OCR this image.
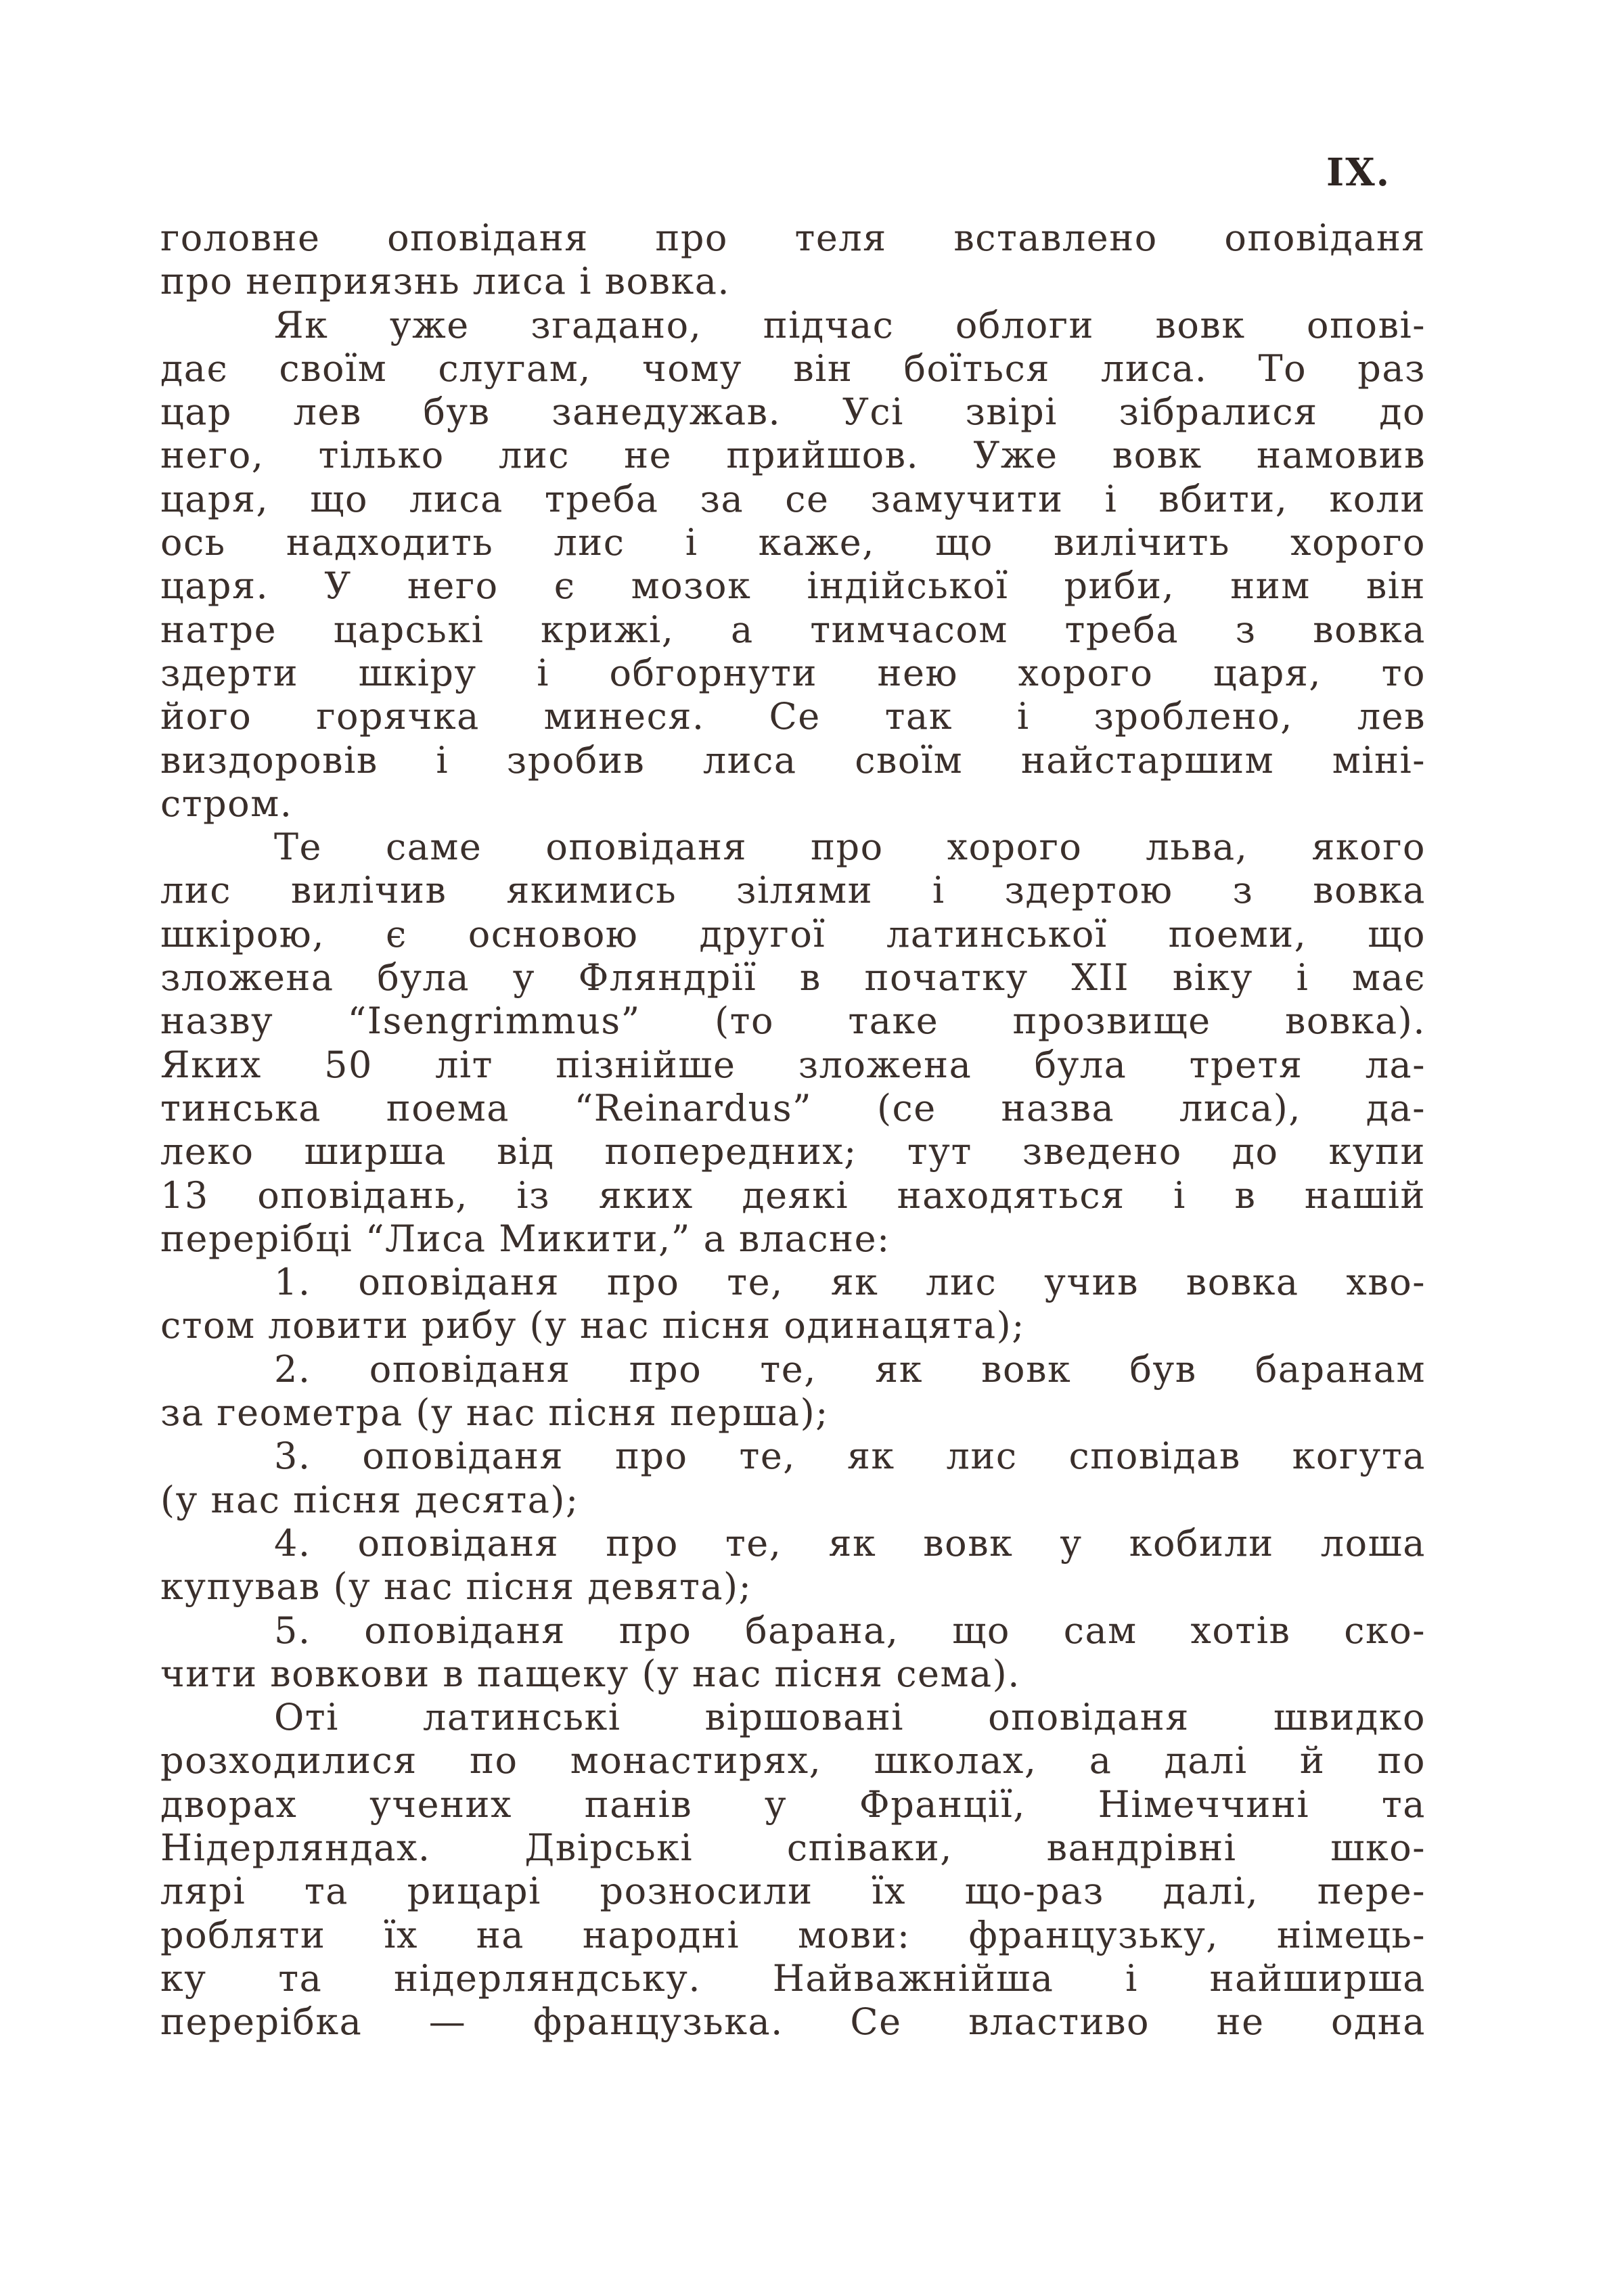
IX.

головне оповіданя про теля вставлено оповіданя
про неприязнь лиса і вовка.
Як уже згадано, підчас облоги вовк опові-
дає своїм слугам, чому він боїться лиса. То раз
цар лев був занедужав. Усі звірі зібралися до
него, тілько лис не прийшов. Уже вовк намовив
царя, що лиса треба за се замучити і вбити, коли
ось надходить лис і каже, що вилічить хорого
царя. У него є мозок індійської риби, ним він
натре царські крижі, а тимчасом треба з вовка
здерти шкіру і обгорнути нею хорого царя, то
його горячка минеся. Се так і зроблено, лев
виздоровів і зробив лиса своїм найстаршим міні-
стром.
Те саме оповіданя про хорого льва, якого
лис вилічив якимись зілями і здертою з вовка
шкірою, є основою другої латинської поеми, що
зложена була у Фляндрії в початку XII віку і має
назву “Isengrimmus” (то таке прозвище вовка).
Яких 50 літ пізнійше зложена була третя ла-
тинська поема “Reinardus” (се назва лиса), да-
леко ширша від попередних; тут зведено до купи
13 оповідань, із яких деякі находяться і в нашій
перерібці “Лиса Микити,” а власне:
1. оповіданя про те, як лис учив вовка хво-
стом ловити рибу (у нас пісня одинацята);
2. оповіданя про те, як вовк був баранам
за геометра (у нас пісня перша);
3. оповіданя про те, як лис сповідав когута
(у нас пісня десята);
4. оповіданя про те, як вовк у кобили лоша
купував (у нас пісня девята);
5. оповіданя про барана, що сам хотів ско-
чити вовкови в пащеку (у нас пісня сема).
Оті латинські віршовані оповіданя швидко
розходилися по монастирях, школах, а далі й по
дворах учених панів у Франції, Німеччині та
Нідерляндах. Двірські співаки, вандрівні шко-
лярі та рицарі розносили їх що-раз далі, пере-
робляти їх на народні мови: французьку, німець-
ку та нідерляндську. Найважнійша і найширша
перерібка — французька. Се властиво не одна
